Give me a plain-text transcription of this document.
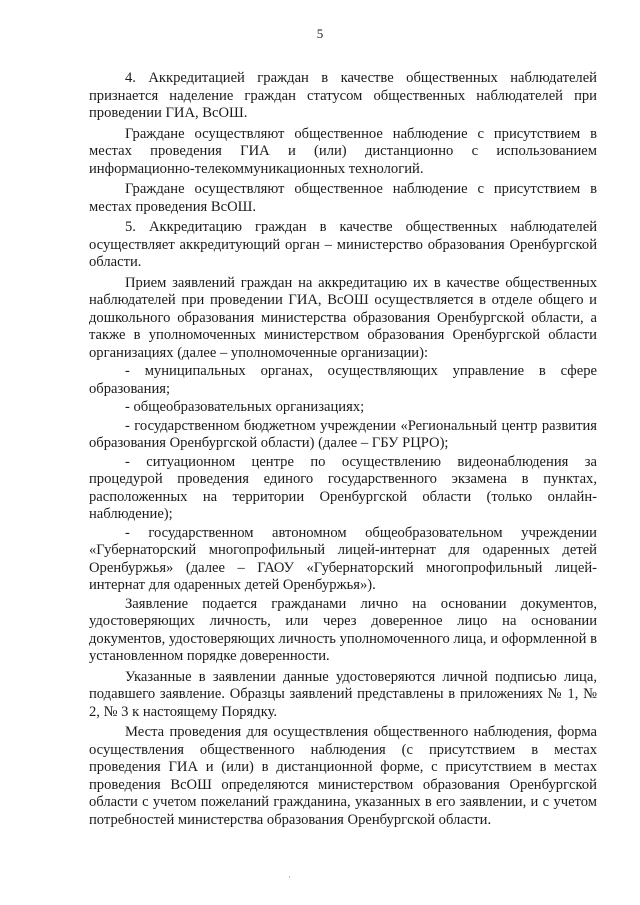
5

4. Аккредитацией граждан в качестве общественных наблюдателей признается наделение граждан статусом общественных наблюдателей при проведении ГИА, ВсОШ.

Граждане осуществляют общественное наблюдение с присутствием в местах проведения ГИА и (или) дистанционно с использованием информационно-телекоммуникационных технологий.

Граждане осуществляют общественное наблюдение с присутствием в местах проведения ВсОШ.

5. Аккредитацию граждан в качестве общественных наблюдателей осуществляет аккредитующий орган – министерство образования Оренбургской области.

Прием заявлений граждан на аккредитацию их в качестве общественных наблюдателей при проведении ГИА, ВсОШ осуществляется в отделе общего и дошкольного образования министерства образования Оренбургской области, а также в уполномоченных министерством образования Оренбургской области организациях (далее – уполномоченные организации):

- муниципальных органах, осуществляющих управление в сфере образования;

- общеобразовательных организациях;

- государственном бюджетном учреждении «Региональный центр развития образования Оренбургской области) (далее – ГБУ РЦРО);

- ситуационном центре по осуществлению видеонаблюдения за процедурой проведения единого государственного экзамена в пунктах, расположенных на территории Оренбургской области (только онлайн-наблюдение);

- государственном автономном общеобразовательном учреждении «Губернаторский многопрофильный лицей-интернат для одаренных детей Оренбуржья» (далее – ГАОУ «Губернаторский многопрофильный лицей-интернат для одаренных детей Оренбуржья»).

Заявление подается гражданами лично на основании документов, удостоверяющих личность, или через доверенное лицо на основании документов, удостоверяющих личность уполномоченного лица, и оформленной в установленном порядке доверенности.

Указанные в заявлении данные удостоверяются личной подписью лица, подавшего заявление. Образцы заявлений представлены в приложениях № 1, № 2, № 3 к настоящему Порядку.

Места проведения для осуществления общественного наблюдения, форма осуществления общественного наблюдения (с присутствием в местах проведения ГИА и (или) в дистанционной форме, с присутствием в местах проведения ВсОШ определяются министерством образования Оренбургской области с учетом пожеланий гражданина, указанных в его заявлении, и с учетом потребностей министерства образования Оренбургской области.

·
